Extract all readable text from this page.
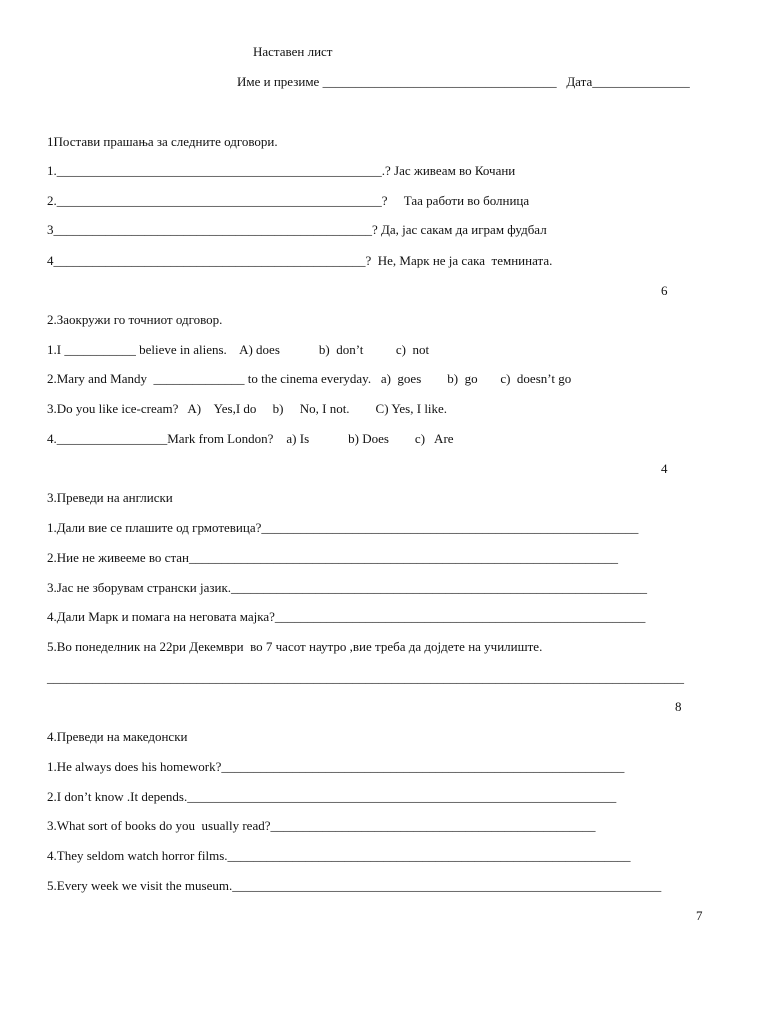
Наставен лист
Име и презиме ____________________________________   Дата_______________
1Постави прашања за следните одговори.
1.__________________________________________________.? Јас живеам во Кочани
2.__________________________________________________?     Таа работи во болница
3_________________________________________________? Да, јас сакам да играм фудбал
4________________________________________________?  Не, Марк не ја сака  темнината.
6
2.Заокружи го точниот одговор.
1.I ___________ believe in aliens.    A) does            b)  don’t          c)  not
2.Mary and Mandy  ______________ to the cinema everyday.   a)  goes        b)  go       c)  doesn’t go
3.Do you like ice-cream?   A)    Yes,I do     b)     No, I not.        C) Yes, I like.
4._________________Mark from London?    a) Is            b) Does        c)   Are
4
3.Преведи на англиски
1.Дали вие се плашите од грмотевица?__________________________________________________________
2.Ние не живееме во стан__________________________________________________________________
3.Јас не зборувам странски јазик.________________________________________________________________
4.Дали Марк и помага на неговата мајка?_________________________________________________________
5.Во понеделник на 22ри Декември  во 7 часот наутро ,вие треба да дојдете на училиште.
__________________________________________________________________________________________________
8
4.Преведи на македонски
1.He always does his homework?______________________________________________________________
2.I don’t know .It depends.__________________________________________________________________
3.What sort of books do you  usually read?__________________________________________________
4.They seldom watch horror films.______________________________________________________________
5.Every week we visit the museum.__________________________________________________________________
7
